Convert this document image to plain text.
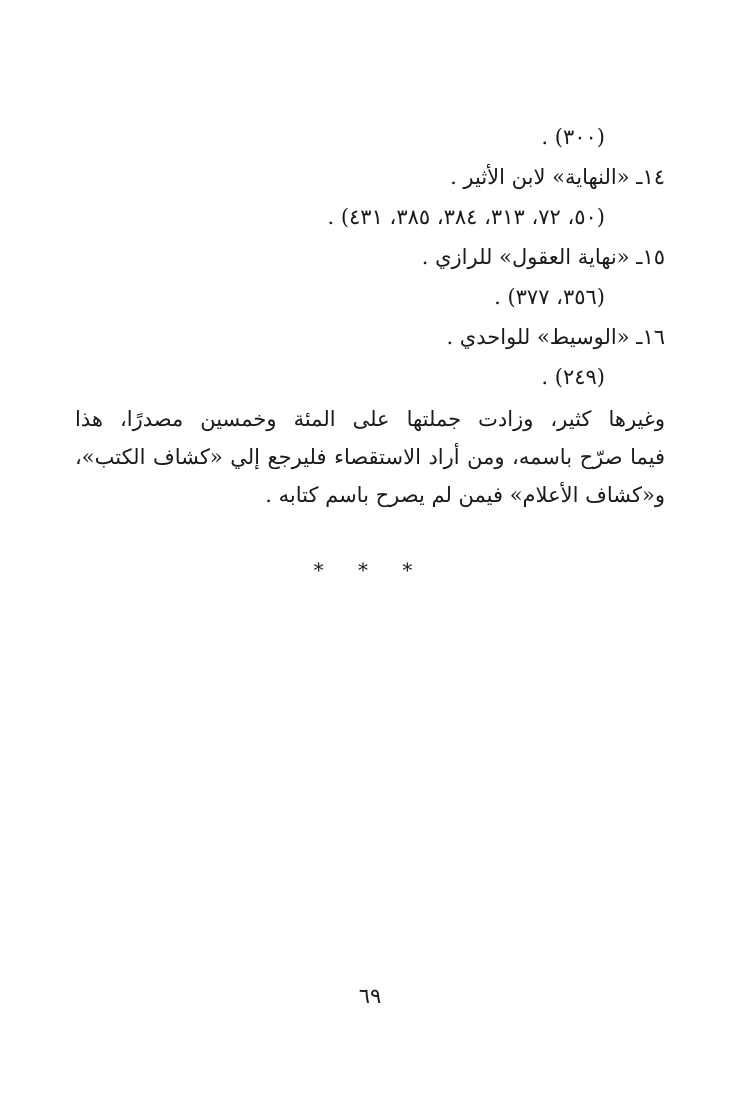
(٣٠٠) .
١٤ـ «النهاية» لابن الأثير .
(٥٠، ٧٢، ٣١٣، ٣٨٤، ٣٨٥، ٤٣١) .
١٥ـ «نهاية العقول» للرازي .
(٣٥٦، ٣٧٧) .
١٦ـ «الوسيط» للواحدي .
(٢٤٩) .
وغيرها كثير، وزادت جملتها على المئة وخمسين مصدرًا، هذا
فيما صرّح باسمه، ومن أراد الاستقصاء فليرجع إلي «كشاف الكتب»،
و«كشاف الأعلام» فيمن لم يصرح باسم كتابه .
* * *
٦٩
